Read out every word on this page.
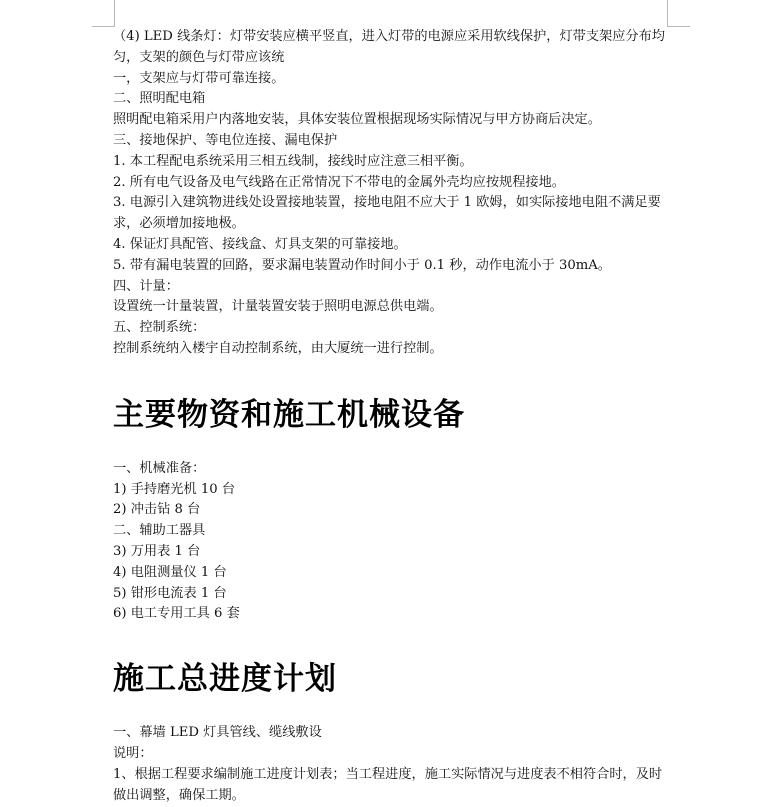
（4) LED 线条灯：灯带安装应横平竖直，进入灯带的电源应采用软线保护，灯带支架应分布均匀，支架的颜色与灯带应该统

一，支架应与灯带可靠连接。

二、照明配电箱

照明配电箱采用户内落地安装，具体安装位置根据现场实际情况与甲方协商后决定。

三、接地保护、等电位连接、漏电保护

1. 本工程配电系统采用三相五线制，接线时应注意三相平衡。

2. 所有电气设备及电气线路在正常情况下不带电的金属外壳均应按规程接地。

3. 电源引入建筑物进线处设置接地装置，接地电阻不应大于 1 欧姆，如实际接地电阻不满足要求，必须增加接地极。

4. 保证灯具配管、接线盒、灯具支架的可靠接地。

5. 带有漏电装置的回路，要求漏电装置动作时间小于 0.1 秒，动作电流小于 30mA。

四、计量：

设置统一计量装置，计量装置安装于照明电源总供电端。

五、控制系统：

控制系统纳入楼宇自动控制系统，由大厦统一进行控制。

主要物资和施工机械设备

一、机械准备：

1) 手持磨光机 10 台

2) 冲击钻 8 台

二、辅助工器具

3) 万用表 1 台

4) 电阻测量仪 1 台

5) 钳形电流表 1 台

6) 电工专用工具 6 套

施工总进度计划

一、幕墙 LED 灯具管线、缆线敷设

说明：

1、根据工程要求编制施工进度计划表；当工程进度，施工实际情况与进度表不相符合时，及时做出调整，确保工期。
